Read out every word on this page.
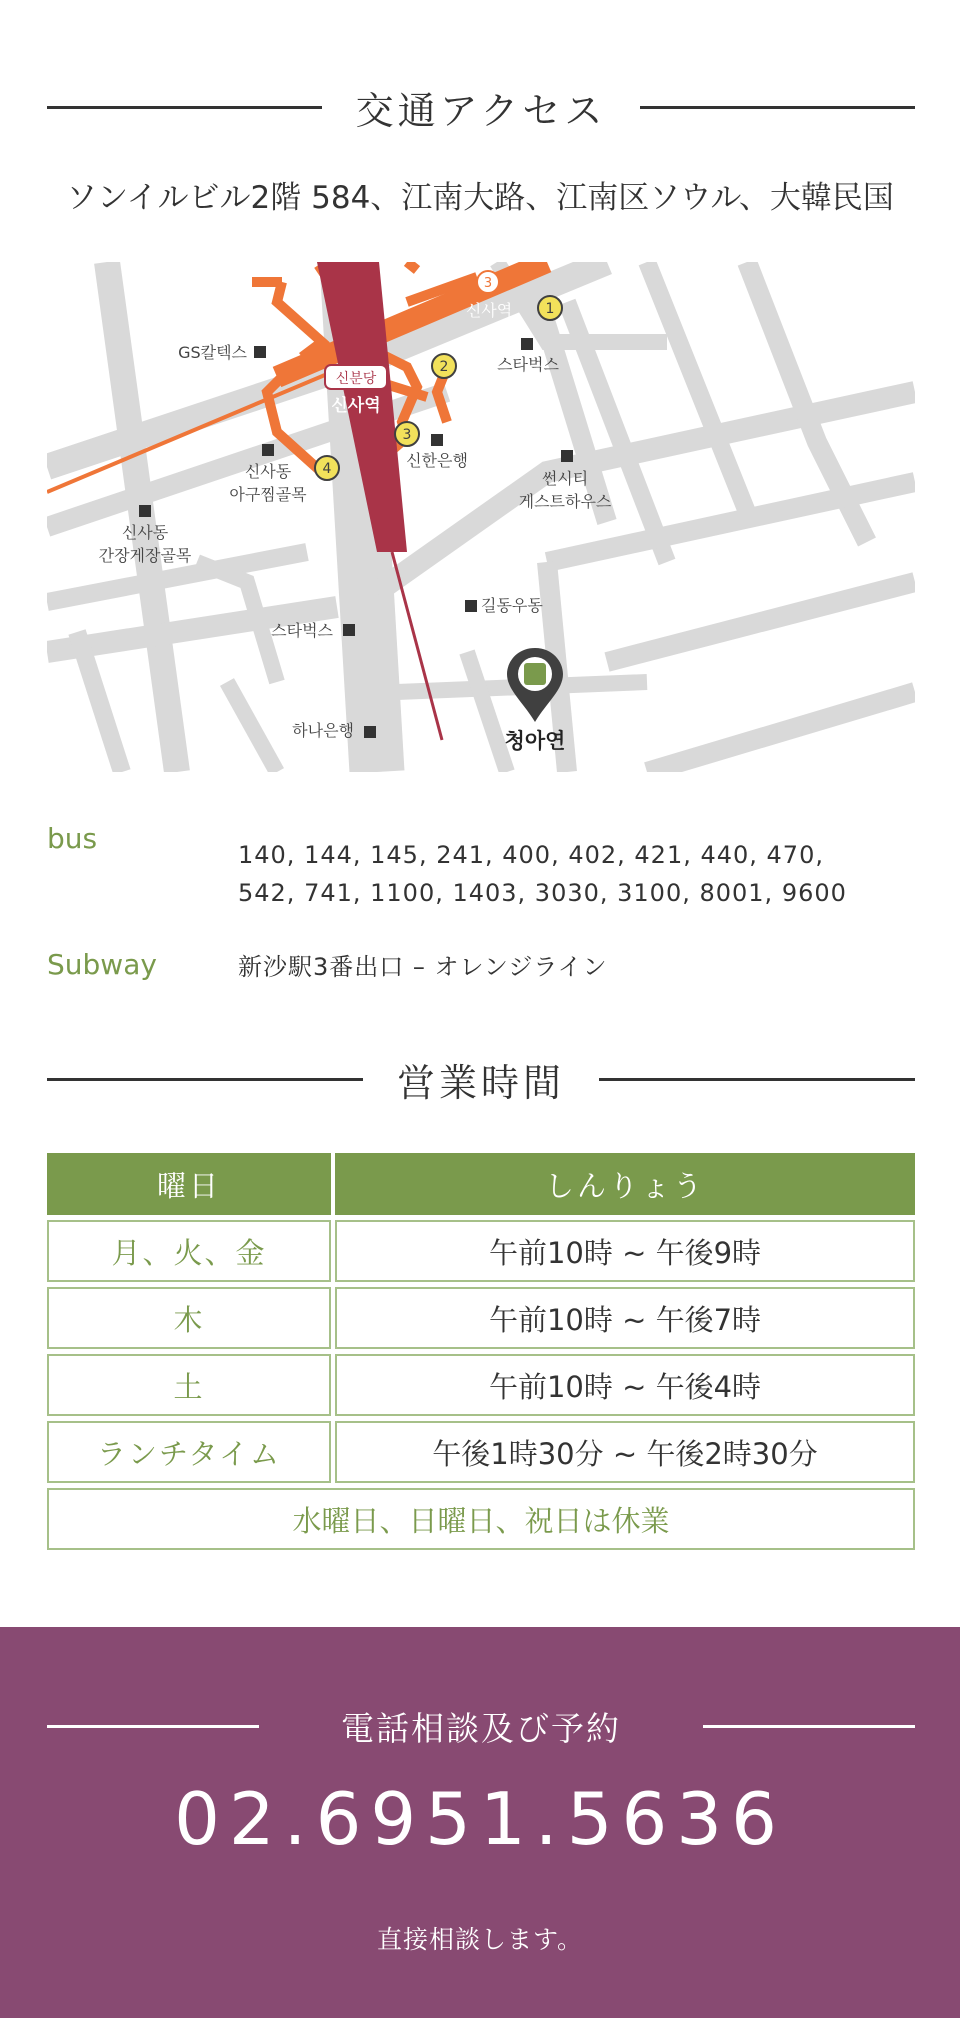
交通アクセス
ソンイルビル2階 584、江南大路、江南区ソウル、大韓民国
1
2
3
4
3
신분당
신사역
신사역
GS칼텍스
스타벅스
신한은행
신사동
아구찜골목
썬시티
게스트하우스
신사동
간장게장골목
길동우동
스타벅스
하나은행	청아연
bus	140, 144, 145, 241, 400, 402, 421, 440, 470,
542, 741, 1100, 1403, 3030, 3100, 8001, 9600
Subway	新沙駅3番出口 – オレンジライン
営業時間
曜日	しんりょう
月、火、金	午前10時 ~ 午後9時
木	午前10時 ~ 午後7時
土	午前10時 ~ 午後4時
ランチタイム	午後1時30分 ~ 午後2時30分
水曜日、日曜日、祝日は休業
電話相談及び予約
02.6951.5636
直接相談します。
